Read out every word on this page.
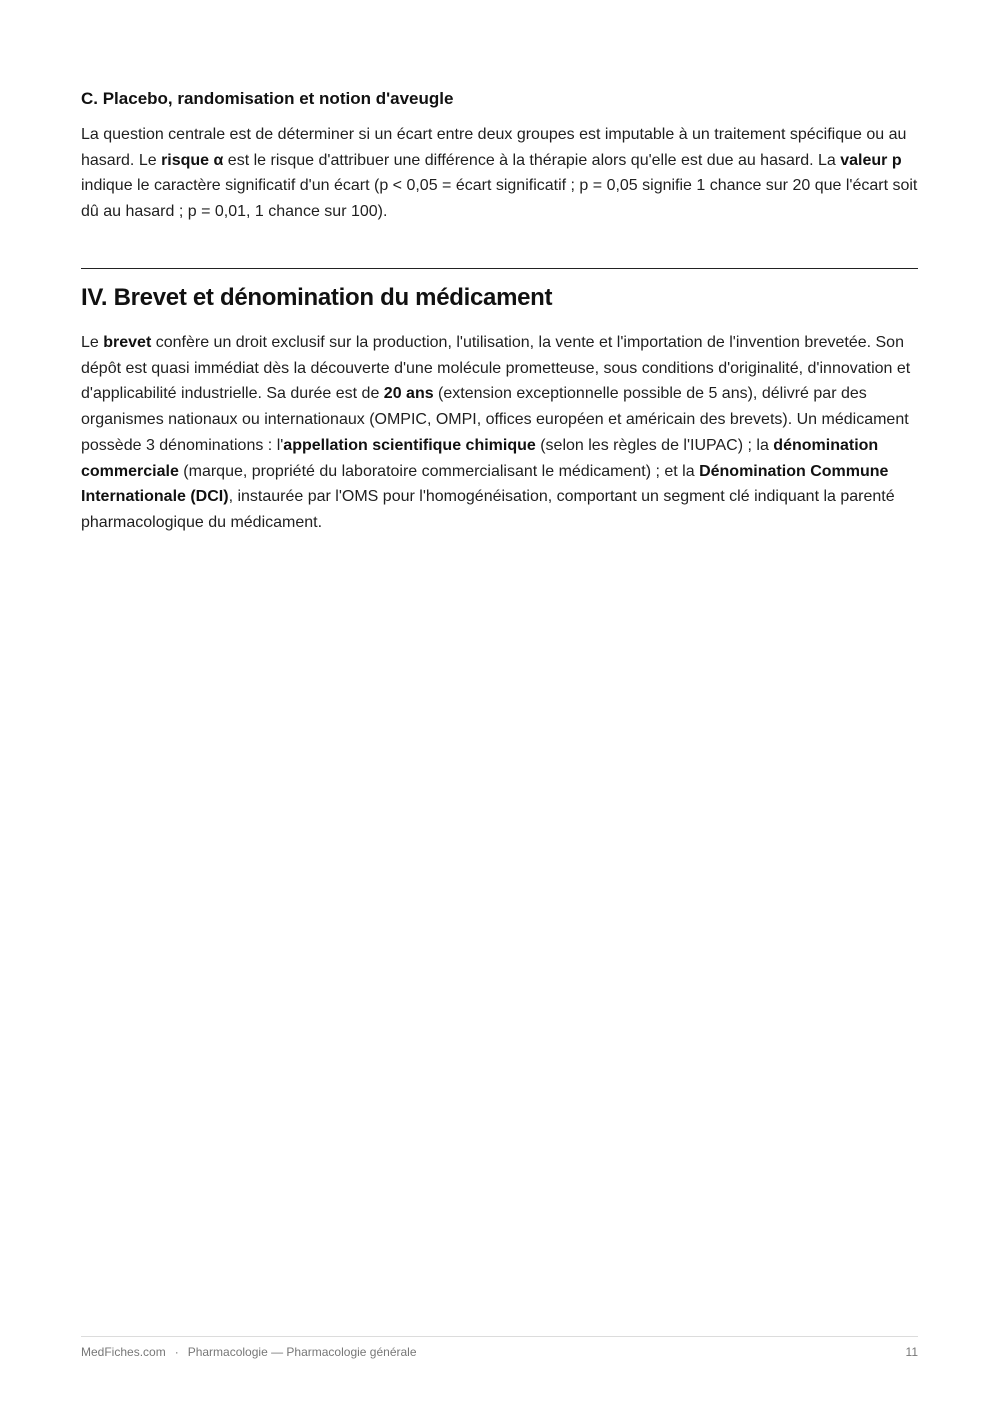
C. Placebo, randomisation et notion d'aveugle

La question centrale est de déterminer si un écart entre deux groupes est imputable à un traitement spécifique ou au hasard. Le risque α est le risque d'attribuer une différence à la thérapie alors qu'elle est due au hasard. La valeur p indique le caractère significatif d'un écart (p < 0,05 = écart significatif ; p = 0,05 signifie 1 chance sur 20 que l'écart soit dû au hasard ; p = 0,01, 1 chance sur 100).

IV. Brevet et dénomination du médicament

Le brevet confère un droit exclusif sur la production, l'utilisation, la vente et l'importation de l'invention brevetée. Son dépôt est quasi immédiat dès la découverte d'une molécule prometteuse, sous conditions d'originalité, d'innovation et d'applicabilité industrielle. Sa durée est de 20 ans (extension exceptionnelle possible de 5 ans), délivré par des organismes nationaux ou internationaux (OMPIC, OMPI, offices européen et américain des brevets). Un médicament possède 3 dénominations : l'appellation scientifique chimique (selon les règles de l'IUPAC) ; la dénomination commerciale (marque, propriété du laboratoire commercialisant le médicament) ; et la Dénomination Commune Internationale (DCI), instaurée par l'OMS pour l'homogénéisation, comportant un segment clé indiquant la parenté pharmacologique du médicament.

MedFiches.com · Pharmacologie — Pharmacologie générale	11
